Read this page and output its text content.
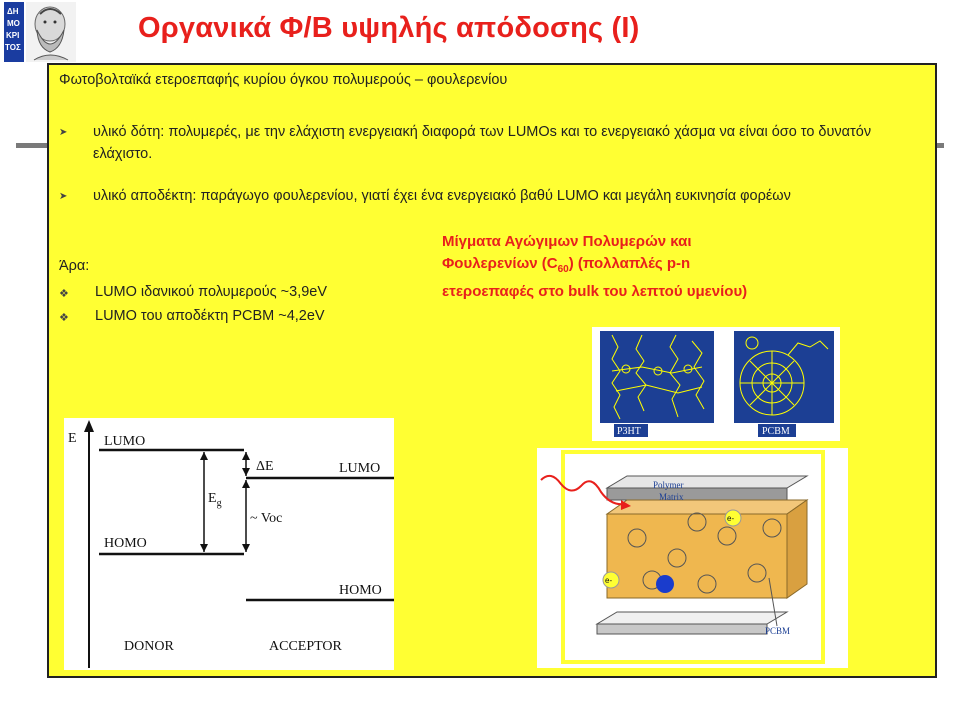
ΔΗ
ΜΟ
ΚΡΙ
ΤΟΣ
Οργανικά Φ/Β υψηλής απόδοσης (I)
Φωτοβολταϊκά ετεροεπαφής κυρίου όγκου πολυμερούς – φουλερενίου
➤ υλικό δότη: πολυμερές, με την ελάχιστη ενεργειακή διαφορά των LUMOs και το ενεργειακό χάσμα να είναι όσο το δυνατόν ελάχιστο.
➤ υλικό αποδέκτη: παράγωγο φουλερενίου, γιατί έχει ένα ενεργειακό βαθύ LUMO και μεγάλη ευκινησία φορέων
Άρα:
❖ LUMO ιδανικού πολυμερούς ~3,9eV
❖ LUMO του αποδέκτη PCBM ~4,2eV
Μίγματα Αγώγιμων Πολυμερών και
Φουλερενίων $(C_{60})$ (πολλαπλές p-n
ετεροεπαφές στο bulk του λεπτού υμενίου)
E LUMO
HOMO
$E_g$
LUMO
ΔE
~ Voc
HOMO
DONOR	ACCEPTOR
P3HT	PCBM
Polymer
Matrix
e-
e-
PCBM
